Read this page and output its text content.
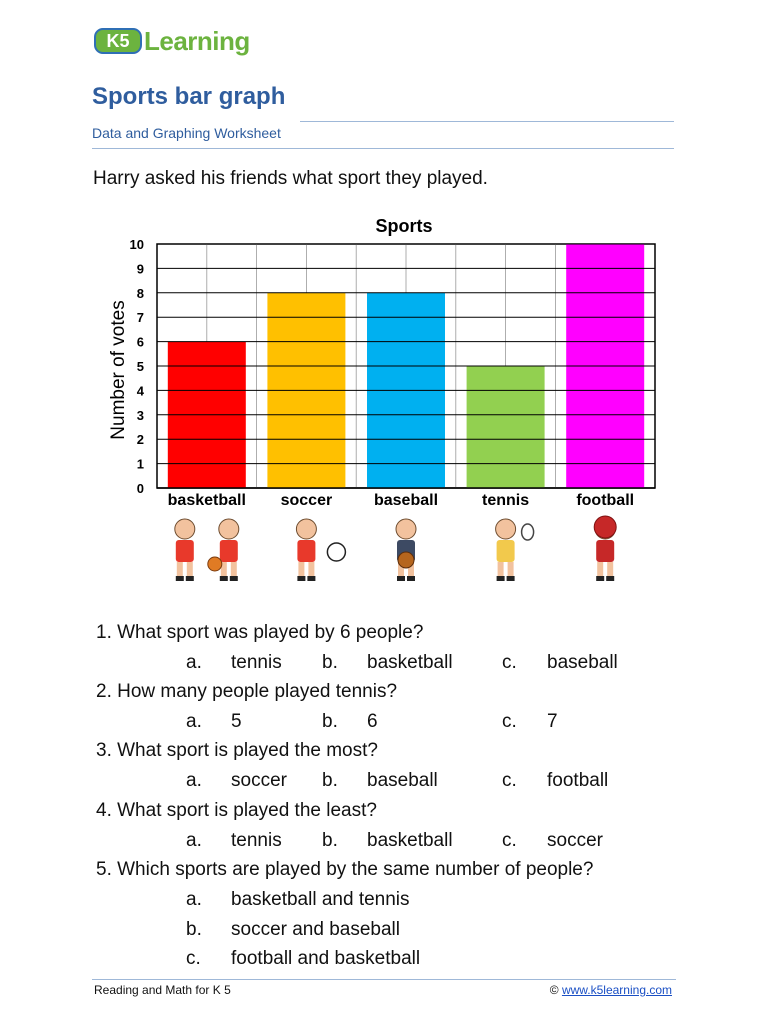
K5 Learning
Sports bar graph
Data and Graphing Worksheet
Harry asked his friends what sport they played.
Sports
Number of votes
0
1
2
3
4
5
6
7
8
9
10
basketball soccer	baseball	tennis	football
1. What sport was played by 6 people?
a. tennis b. basketball	c. baseball
2. How many people played tennis?
a. 5	b. 6	c. 7
3. What sport is played the most?
a. soccer b. baseball	c. football
4. What sport is played the least?
a. tennis b. basketball	c. soccer
5. Which sports are played by the same number of people?
a. basketball and tennis
b. soccer and baseball
c. football and basketball
Reading and Math for K 5	© www.k5learning.com
